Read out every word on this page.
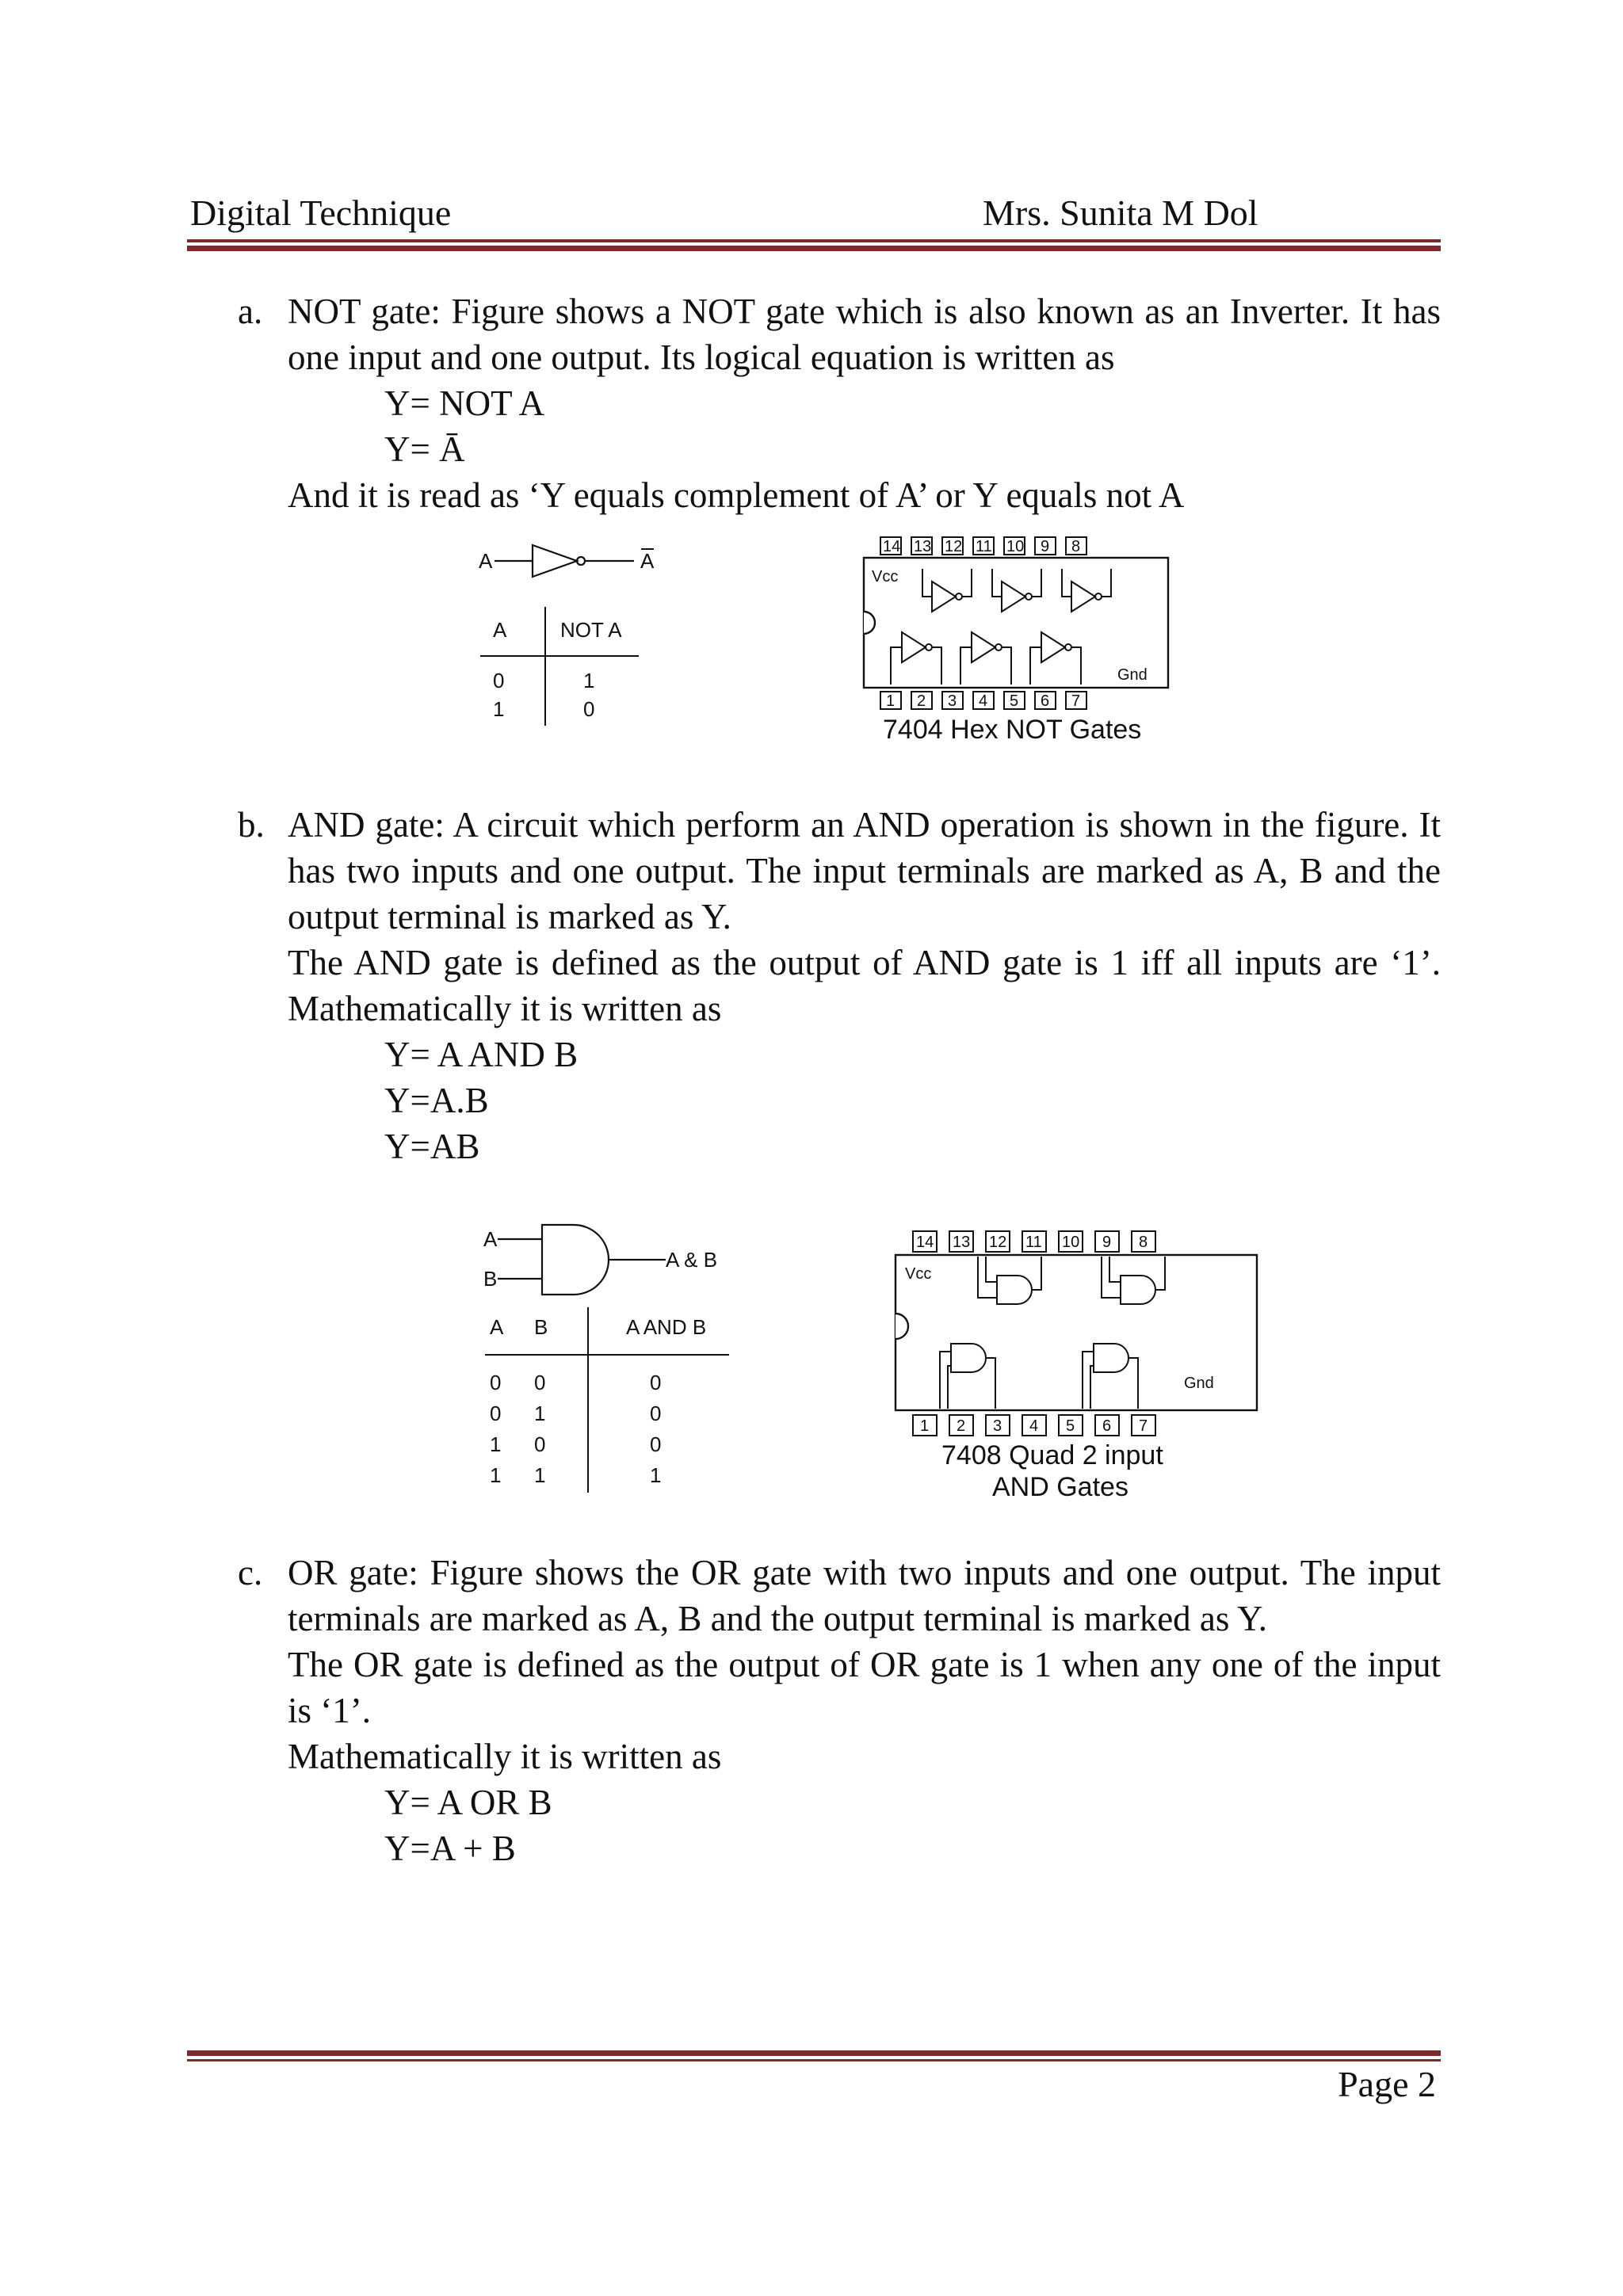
Digital Technique	Mrs. Sunita M Dol
a. NOT gate: Figure shows a NOT gate which is also known as an Inverter. It has one input and one output. Its logical equation is written as
Y= NOT A
Y= Ā
And it is read as ‘Y equals complement of A’ or Y equals not A
A	A
A	NOT A
0	1
1	0
14 13 12 11 10 9 8
1 2 3 4 5 6 7
Vcc
Gnd
7404 Hex NOT Gates
b. AND gate: A circuit which perform an AND operation is shown in the figure. It has two inputs and one output. The input terminals are marked as A, B and the output terminal is marked as Y.
The AND gate is defined as the output of AND gate is 1 iff all inputs are ‘1’. Mathematically it is written as
Y= A AND B
Y=A.B
Y=AB
A
B
A & B
A B	A AND B
0 0	0
0 1	0
1 0	0
1 1	1
14 13 12 11 10 9 8
1 2 3 4 5 6 7
Vcc
Gnd
7408 Quad 2 input
AND Gates
c. OR gate: Figure shows the OR gate with two inputs and one output. The input terminals are marked as A, B and the output terminal is marked as Y.
The OR gate is defined as the output of OR gate is 1 when any one of the input is ‘1’.
Mathematically it is written as
Y= A OR B
Y=A + B
Page 2
